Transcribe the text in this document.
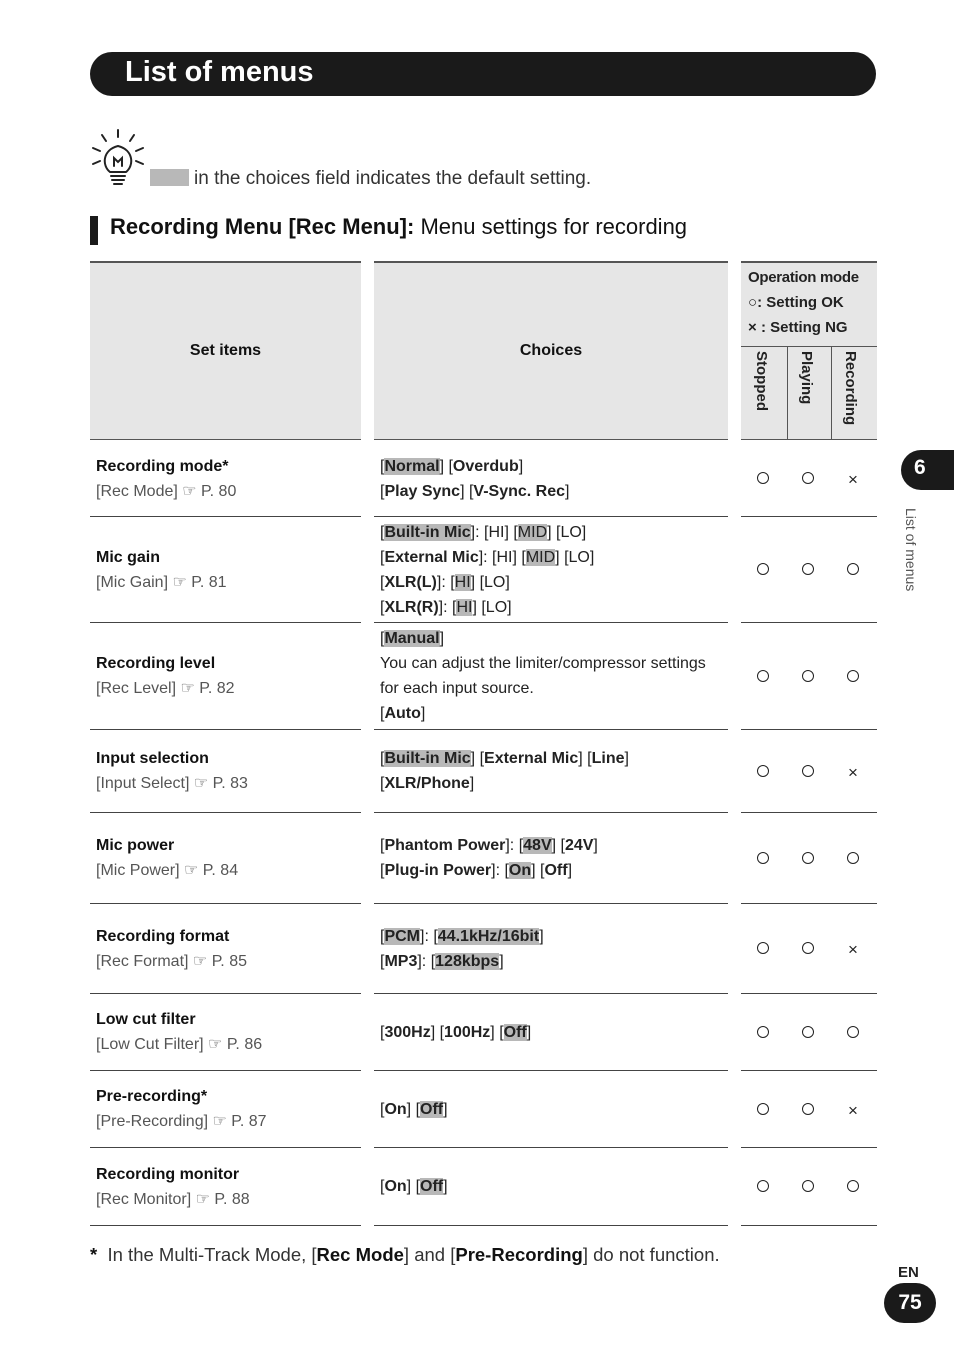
List of menus
in the choices field indicates the default setting.
Recording Menu [Rec Menu]: Menu settings for recording
Set items	Choices
Operation mode
○: Setting OK
× : Setting NG
Stopped Playing Recording
Recording mode*
[Rec Mode] ☞ P. 80
[Normal] [Overdub]
[Play Sync] [V-Sync. Rec]
×
Mic gain
[Mic Gain] ☞ P. 81
[Built-in Mic]: [HI] [MID] [LO]
[External Mic]: [HI] [MID] [LO]
[XLR(L)]: [HI] [LO]
[XLR(R)]: [HI] [LO]
Recording level
[Rec Level] ☞ P. 82
[Manual]
You can adjust the limiter/compressor settings
for each input source.
[Auto]
Input selection
[Input Select] ☞ P. 83
[Built-in Mic] [External Mic] [Line]
[XLR/Phone]
×
Mic power
[Mic Power] ☞ P. 84
[Phantom Power]: [48V] [24V]
[Plug-in Power]: [On] [Off]
Recording format
[Rec Format] ☞ P. 85
[PCM]: [44.1kHz/16bit]
[MP3]: [128kbps]
×
Low cut filter
[Low Cut Filter] ☞ P. 86
[300Hz] [100Hz] [Off]
Pre-recording*
[Pre-Recording] ☞ P. 87
[On] [Off]	×
Recording monitor
[Rec Monitor] ☞ P. 88
[On] [Off]
*  In the Multi-Track Mode, [Rec Mode] and [Pre-Recording] do not function.
6
List of menus
EN
75
